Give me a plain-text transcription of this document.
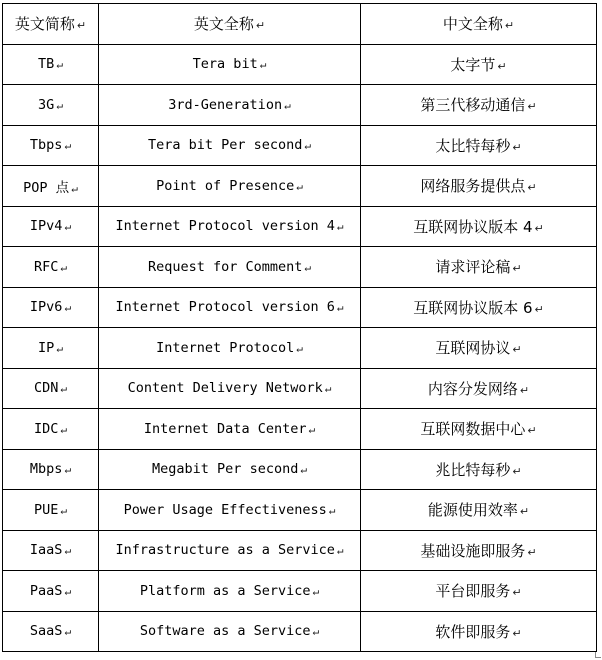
英文简称 ↵	英文全称 ↵	中文全称 ↵
TB ↵	Tera bit ↵	太字节 ↵
3G ↵	3rd-Generation ↵	第三代移动通信 ↵
Tbps ↵	Tera bit Per second ↵	太比特每秒 ↵
POP 点 ↵	Point of Presence ↵	网络服务提供点 ↵
IPv4 ↵	Internet Protocol version 4 ↵	互联网协议版本 4 ↵
RFC ↵	Request for Comment ↵	请求评论稿 ↵
IPv6 ↵	Internet Protocol version 6 ↵	互联网协议版本 6 ↵
IP ↵	Internet Protocol ↵	互联网协议 ↵
CDN ↵	Content Delivery Network ↵	内容分发网络 ↵
IDC ↵	Internet Data Center ↵	互联网数据中心 ↵
Mbps ↵	Megabit Per second ↵	兆比特每秒 ↵
PUE ↵	Power Usage Effectiveness ↵	能源使用效率 ↵
IaaS ↵	Infrastructure as a Service ↵	基础设施即服务 ↵
PaaS ↵	Platform as a Service ↵	平台即服务 ↵
SaaS ↵	Software as a Service ↵	软件即服务 ↵
